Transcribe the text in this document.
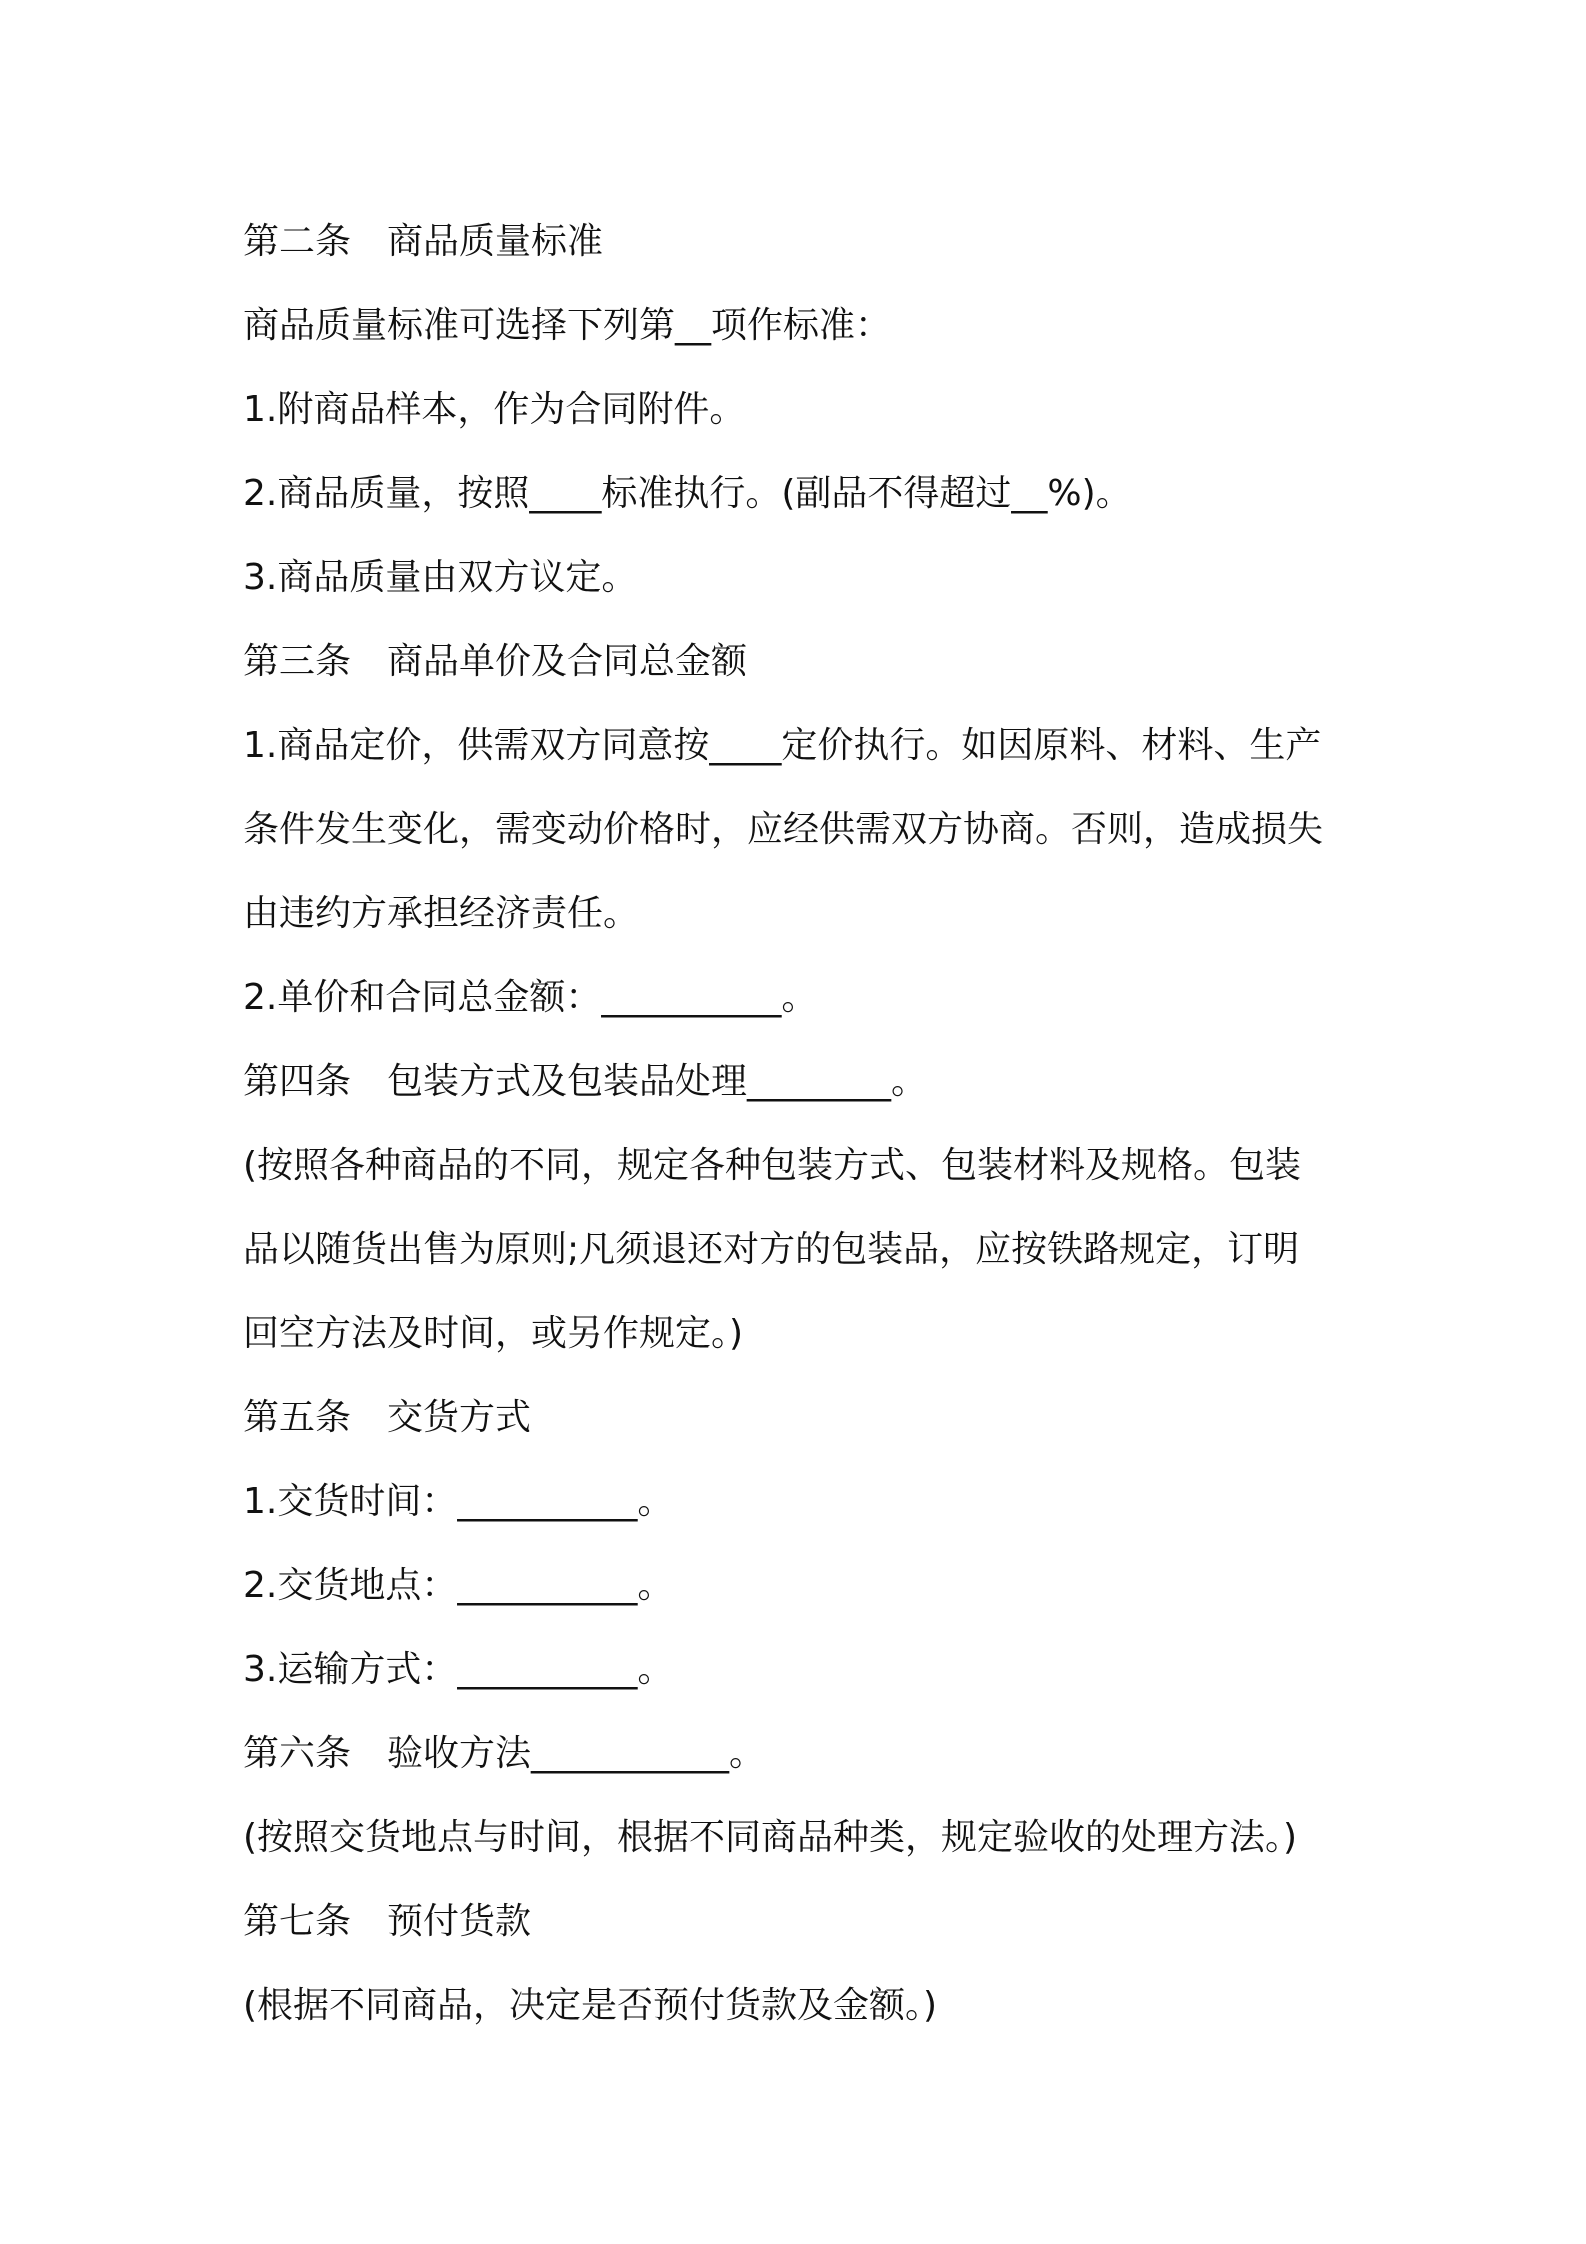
第二条　商品质量标准
商品质量标准可选择下列第__项作标准：
1.附商品样本，作为合同附件。
2.商品质量，按照____标准执行。(副品不得超过__%)。
3.商品质量由双方议定。
第三条　商品单价及合同总金额
1.商品定价，供需双方同意按____定价执行。如因原料、材料、生产
条件发生变化，需变动价格时，应经供需双方协商。否则，造成损失
由违约方承担经济责任。
2.单价和合同总金额：__________。
第四条　包装方式及包装品处理________。
(按照各种商品的不同，规定各种包装方式、包装材料及规格。包装
品以随货出售为原则;凡须退还对方的包装品，应按铁路规定，订明
回空方法及时间，或另作规定。)
第五条　交货方式
1.交货时间：__________。
2.交货地点：__________。
3.运输方式：__________。
第六条　验收方法___________。
(按照交货地点与时间，根据不同商品种类，规定验收的处理方法。)
第七条　预付货款
(根据不同商品，决定是否预付货款及金额。)
